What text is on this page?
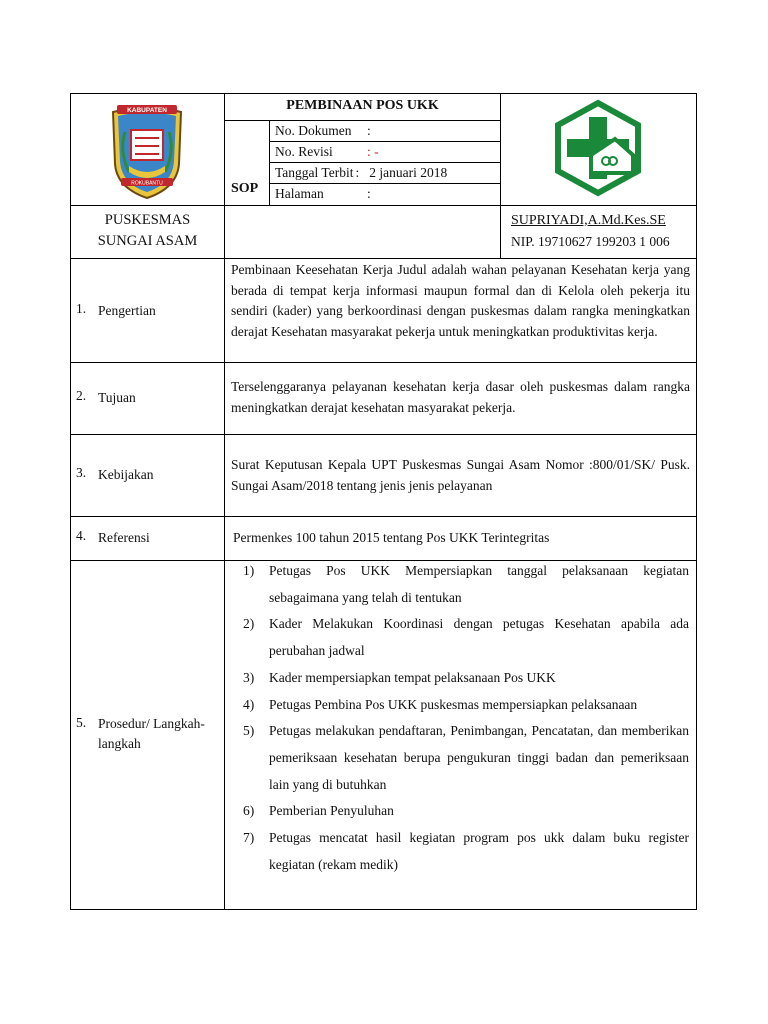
KABUPATEN
ROKUBANTU
PEMBINAAN POS UKK
SOP
No. Dokumen :
No. Revisi	: -
Tanggal Terbit : 2 januari 2018
Halaman	:
PUSKESMAS
SUNGAI ASAM
SUPRIYADI,A.Md.Kes.SE
NIP. 19710627 199203 1 006
1. Pengertian
Pembinaan Keesehatan Kerja Judul adalah wahan pelayanan Kesehatan kerja yang berada di tempat kerja informasi maupun formal dan di Kelola oleh pekerja itu sendiri (kader) yang berkoordinasi dengan puskesmas dalam rangka meningkatkan derajat Kesehatan masyarakat pekerja untuk meningkatkan produktivitas kerja.
2. Tujuan
Terselenggaranya pelayanan kesehatan kerja dasar oleh puskesmas dalam rangka meningkatkan derajat kesehatan masyarakat pekerja.
3. Kebijakan
Surat Keputusan Kepala UPT Puskesmas Sungai Asam Nomor :800/01/SK/ Pusk. Sungai Asam/2018 tentang jenis jenis pelayanan
4. Referensi	Permenkes 100 tahun 2015 tentang Pos UKK Terintegritas
5. Prosedur/ Langkah-
langkah
1) Petugas Pos UKK Mempersiapkan tanggal pelaksanaan kegiatan sebagaimana yang telah di tentukan
2) Kader Melakukan Koordinasi dengan petugas Kesehatan apabila ada perubahan jadwal
3) Kader mempersiapkan tempat pelaksanaan Pos UKK
4) Petugas Pembina Pos UKK puskesmas mempersiapkan pelaksanaan
5) Petugas melakukan pendaftaran, Penimbangan, Pencatatan, dan memberikan pemeriksaan kesehatan berupa pengukuran tinggi badan dan pemeriksaan lain yang di butuhkan
6) Pemberian Penyuluhan
7) Petugas mencatat hasil kegiatan program pos ukk dalam buku register kegiatan (rekam medik)
